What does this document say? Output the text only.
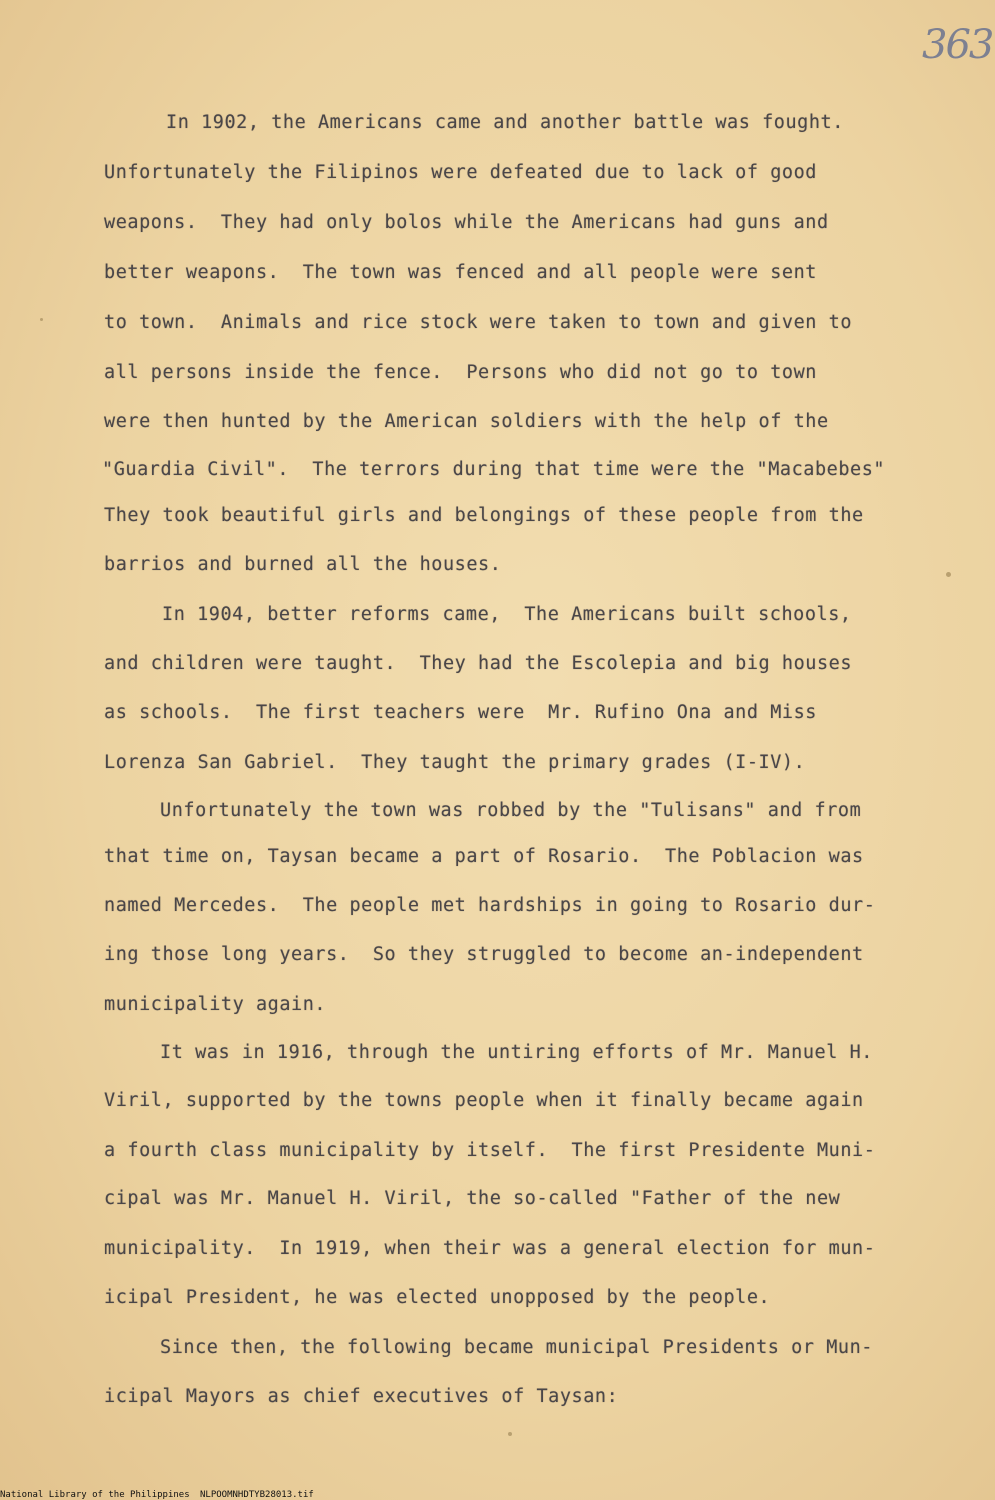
363
In 1902, the Americans came and another battle was fought.
Unfortunately the Filipinos were defeated due to lack of good
weapons.  They had only bolos while the Americans had guns and
better weapons.  The town was fenced and all people were sent
to town.  Animals and rice stock were taken to town and given to
all persons inside the fence.  Persons who did not go to town
were then hunted by the American soldiers with the help of the
"Guardia Civil".  The terrors during that time were the "Macabebes"
They took beautiful girls and belongings of these people from the
barrios and burned all the houses.
In 1904, better reforms came,  The Americans built schools,
and children were taught.  They had the Escolepia and big houses
as schools.  The first teachers were  Mr. Rufino Ona and Miss
Lorenza San Gabriel.  They taught the primary grades (I-IV).
Unfortunately the town was robbed by the "Tulisans" and from
that time on, Taysan became a part of Rosario.  The Poblacion was
named Mercedes.  The people met hardships in going to Rosario dur-
ing those long years.  So they struggled to become an-independent
municipality again.
It was in 1916, through the untiring efforts of Mr. Manuel H.
Viril, supported by the towns people when it finally became again
a fourth class municipality by itself.  The first Presidente Muni-
cipal was Mr. Manuel H. Viril, the so-called "Father of the new
municipality.  In 1919, when their was a general election for mun-
icipal President, he was elected unopposed by the people.
Since then, the following became municipal Presidents or Mun-
icipal Mayors as chief executives of Taysan:
National Library of the Philippines NLPOOMNHDTYB28013.tif
